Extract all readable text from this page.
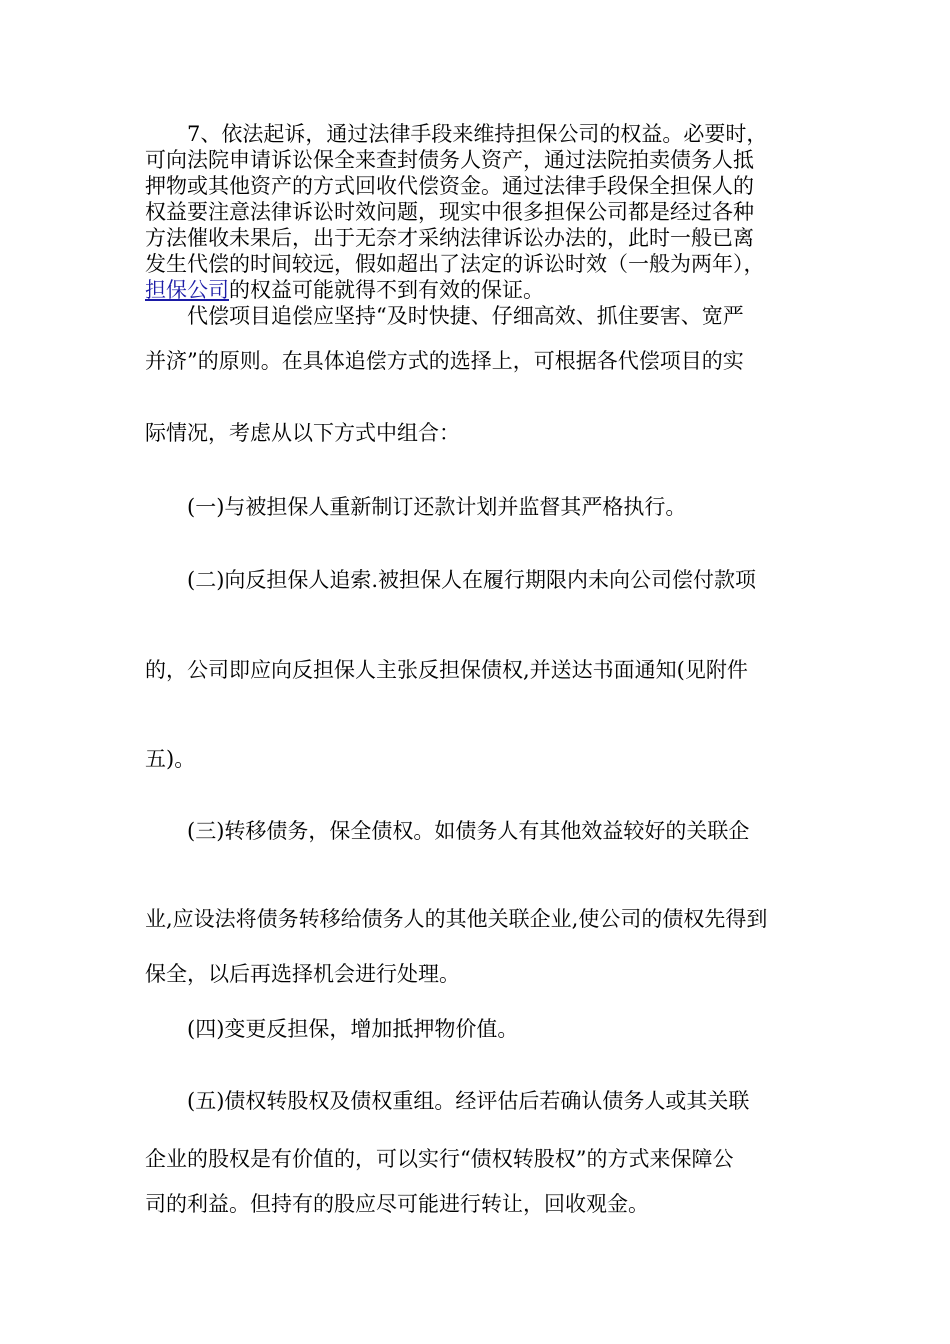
7、依法起诉，通过法律手段来维持担保公司的权益。必要时，
可向法院申请诉讼保全来查封债务人资产，通过法院拍卖债务人抵
押物或其他资产的方式回收代偿资金。通过法律手段保全担保人的
权益要注意法律诉讼时效问题，现实中很多担保公司都是经过各种
方法催收未果后，出于无奈才采纳法律诉讼办法的，此时一般已离
发生代偿的时间较远，假如超出了法定的诉讼时效（一般为两年），
担保公司的权益可能就得不到有效的保证。
代偿项目追偿应坚持“及时快捷、仔细高效、抓住要害、宽严
并济”的原则。在具体追偿方式的选择上，可根据各代偿项目的实
际情况，考虑从以下方式中组合：
(一)与被担保人重新制订还款计划并监督其严格执行。
(二)向反担保人追索.被担保人在履行期限内未向公司偿付款项
的，公司即应向反担保人主张反担保债权,并送达书面通知(见附件
五)。
(三)转移债务，保全债权。如债务人有其他效益较好的关联企
业,应设法将债务转移给债务人的其他关联企业,使公司的债权先得到
保全，以后再选择机会进行处理。
(四)变更反担保，增加抵押物价值。
(五)债权转股权及债权重组。经评估后若确认债务人或其关联
企业的股权是有价值的，可以实行“债权转股权”的方式来保障公
司的利益。但持有的股应尽可能进行转让，回收观金。
